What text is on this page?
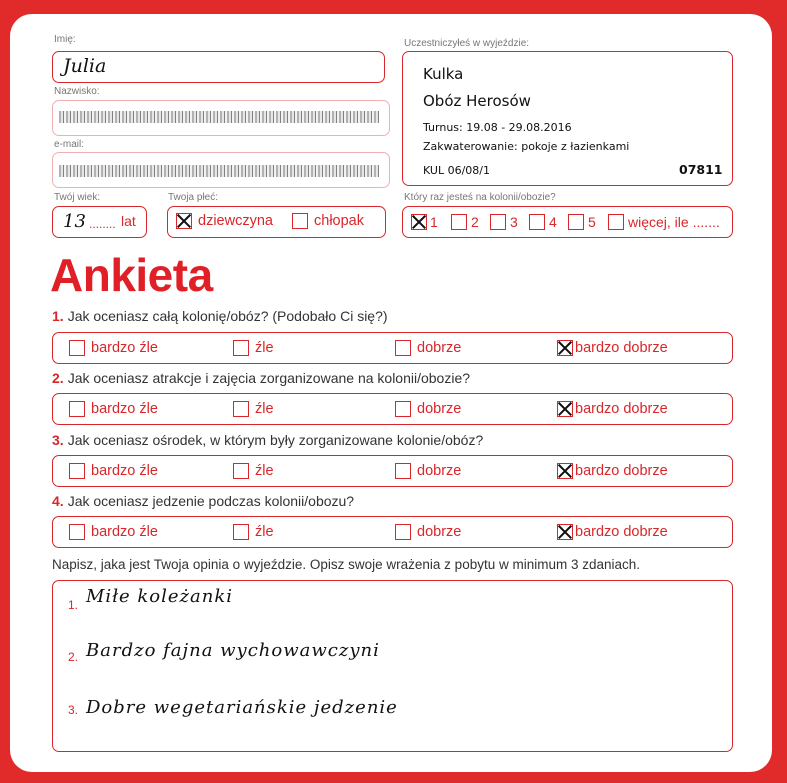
Imię:
Julia
Nazwisko:
e-mail:
Twój wiek:
13 ........ lat
Twoja płeć:
dziewczyna	chłopak
Uczestniczyłeś w wyjeździe:
Kulka
Obóz Herosów
Turnus: 19.08 - 29.08.2016
Zakwaterowanie: pokoje z łazienkami
KUL 06/08/1	07811
Który raz jesteś na kolonii/obozie?
1	2	3	4	5	więcej, ile .......
Ankieta
1. Jak oceniasz całą kolonię/obóz? (Podobało Ci się?)
bardzo źle	źle	dobrze	bardzo dobrze
2. Jak oceniasz atrakcje i zajęcia zorganizowane na kolonii/obozie?
bardzo źle	źle	dobrze	bardzo dobrze
3. Jak oceniasz ośrodek, w którym były zorganizowane kolonie/obóz?
bardzo źle	źle	dobrze	bardzo dobrze
4. Jak oceniasz jedzenie podczas kolonii/obozu?
bardzo źle	źle	dobrze	bardzo dobrze
Napisz, jaka jest Twoja opinia o wyjeździe. Opisz swoje wrażenia z pobytu w minimum 3 zdaniach.
1. Miłe koleżanki
2. Bardzo fajna wychowawczyni
3. Dobre wegetariańskie jedzenie
